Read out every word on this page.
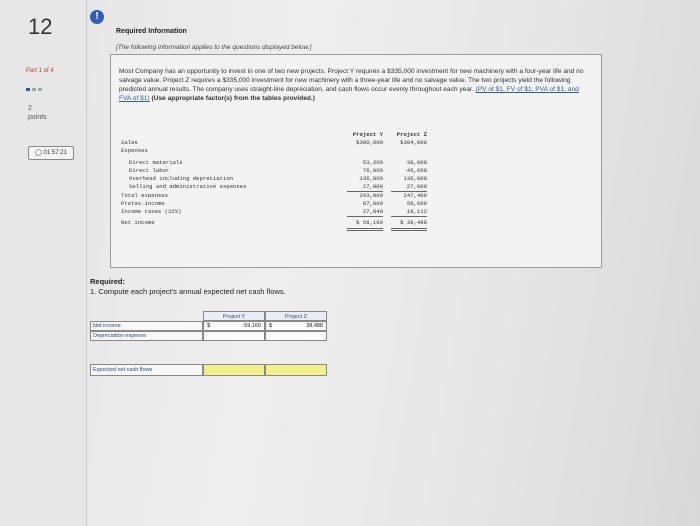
12	!
Part 1 of 4
2
points
◯ 01:57:21
Required Information
[The following information applies to the questions displayed below.]
Most Company has an opportunity to invest in one of two new projects. Project Y requires a $335,000 investment for new machinery with a four-year life and no salvage value. Project Z requires a $335,000 investment for new machinery with a three-year life and no salvage value. The two projects yield the following predicted annual results. The company uses straight-line depreciation, and cash flows occur evenly throughout each year. (PV of $1, FV of $1, PVA of $1, and FVA of $1) (Use appropriate factor(s) from the tables provided.)
Project Y	Project Z
Sales	$380,000	$304,000
Expenses
Direct materials	53,200	38,000
Direct labor	76,000	45,600
Overhead including depreciation	136,800	136,800
Selling and administrative expenses	27,000	27,000
Total expenses	293,000	247,400
Pretax income	87,000	56,600
Income taxes (32%)	27,840	18,112
Net income	$ 59,160	$ 38,488
Required:
1. Compute each project's annual expected net cash flows.
Project Y	Project Z
Net income	$	59,160 $	38,488
Depreciation expense
Expected net cash flows
